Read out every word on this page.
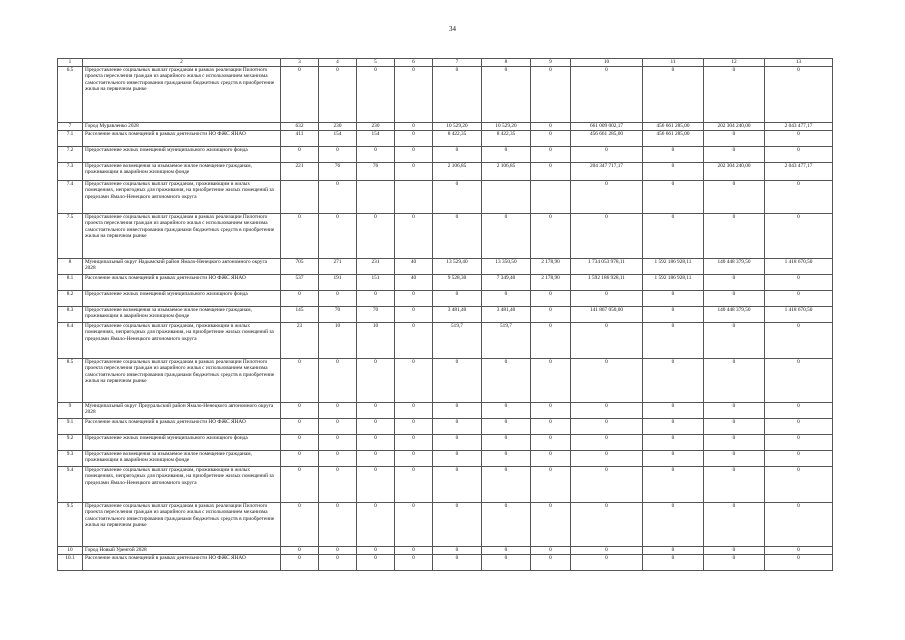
34
1	2	3	4	5	6	7	8	9	10	11	12	13
6.5	Предоставление социальных выплат гражданам в рамках реализации Пилотного проекта переселения граждан из аварийного жилья с использованием механизма самостоятельного инвестирования гражданами бюджетных средств в приобретение жилья на первичном рынке	0	0	0	0	0	0	0	0	0	0	0
7	Город Муравленко 2028	632	230	230	0	10 529,20	10 529,20	0	661 009 002,17	456 661 285,00	202 304 240,00	2 043 477,17
7.1	Расселение жилых помещений в рамках деятельности НО ФЖС ЯНАО	411	154	154	0	8 422,35	8 422,35	0	456 661 285,00	456 661 285,00	0	0
7.2	Предоставление жилых помещений муниципального жилищного фонда	0	0	0	0	0	0	0	0	0	0	0
7.3	Предоставление возмещения за изымаемое жилое помещение гражданам, проживающим в аварийном жилищном фонде	221	76	76	0	2 106,85	2 106,85	0	204 347 717,17	0	202 304 240,00	2 043 477,17
7.4	Предоставление социальных выплат гражданам, проживающим в жилых помещениях, непригодных для проживания, на приобретение жилых помещений за пределами Ямало-Ненецкого автономного округа		0			0			0	0	0	0
7.5	Предоставление социальных выплат гражданам в рамках реализации Пилотного проекта переселения граждан из аварийного жилья с использованием механизма самостоятельного инвестирования гражданами бюджетных средств в приобретение жилья на первичном рынке	0	0	0	0	0	0	0	0	0	0	0
8	Муниципальный округ Надымский район Ямало-Ненецкого автономного округа 2028	705	271	231	40	13 529,40	13 350,50	2 178,90	1 734 053 978,11	1 592 186 928,11	140 448 379,50	1 418 670,50
8.1	Расселение жилых помещений в рамках деятельности НО ФЖС ЯНАО	537	191	151	40	9 528,30	7 349,40	2 178,90	1 592 186 928,11	1 592 186 928,11	0	0
8.2	Предоставление жилых помещений муниципального жилищного фонда	0	0	0	0	0	0	0	0	0	0	0
8.3	Предоставление возмещения за изымаемое жилое помещение гражданам, проживающим в аварийном жилищном фонде	145	70	70	0	3 481,40	3 481,40	0	141 867 050,00	0	140 448 379,50	1 418 670,50
8.4	Предоставление социальных выплат гражданам, проживающим в жилых помещениях, непригодных для проживания, на приобретение жилых помещений за пределами Ямало-Ненецкого автономного округа	23	10	10	0	519,7	519,7	0	0	0	0	0
8.5	Предоставление социальных выплат гражданам в рамках реализации Пилотного проекта переселения граждан из аварийного жилья с использованием механизма самостоятельного инвестирования гражданами бюджетных средств в приобретение жилья на первичном рынке	0	0	0	0	0	0	0	0	0	0	0
9	Муниципальный округ Приуральский район Ямало-Ненецкого автономного округа 2028	0	0	0	0	0	0	0	0	0	0	0
9.1	Расселение жилых помещений в рамках деятельности НО ФЖС ЯНАО	0	0	0	0	0	0	0	0	0	0	0
9.2	Предоставление жилых помещений муниципального жилищного фонда	0	0	0	0	0	0	0	0	0	0	0
9.3	Предоставление возмещения за изымаемое жилое помещение гражданам, проживающим в аварийном жилищном фонде	0	0	0	0	0	0	0	0	0	0	0
9.4	Предоставление социальных выплат гражданам, проживающим в жилых помещениях, непригодных для проживания, на приобретение жилых помещений за пределами Ямало-Ненецкого автономного округа	0	0	0	0	0	0	0	0	0	0	0
9.5	Предоставление социальных выплат гражданам в рамках реализации Пилотного проекта переселения граждан из аварийного жилья с использованием механизма самостоятельного инвестирования гражданами бюджетных средств в приобретение жилья на первичном рынке	0	0	0	0	0	0	0	0	0	0	0
10	Город Новый Уренгой 2028	0	0	0	0	0	0	0	0	0	0	0
10.1	Расселение жилых помещений в рамках деятельности НО ФЖС ЯНАО	0	0	0	0	0	0	0	0	0	0	0
